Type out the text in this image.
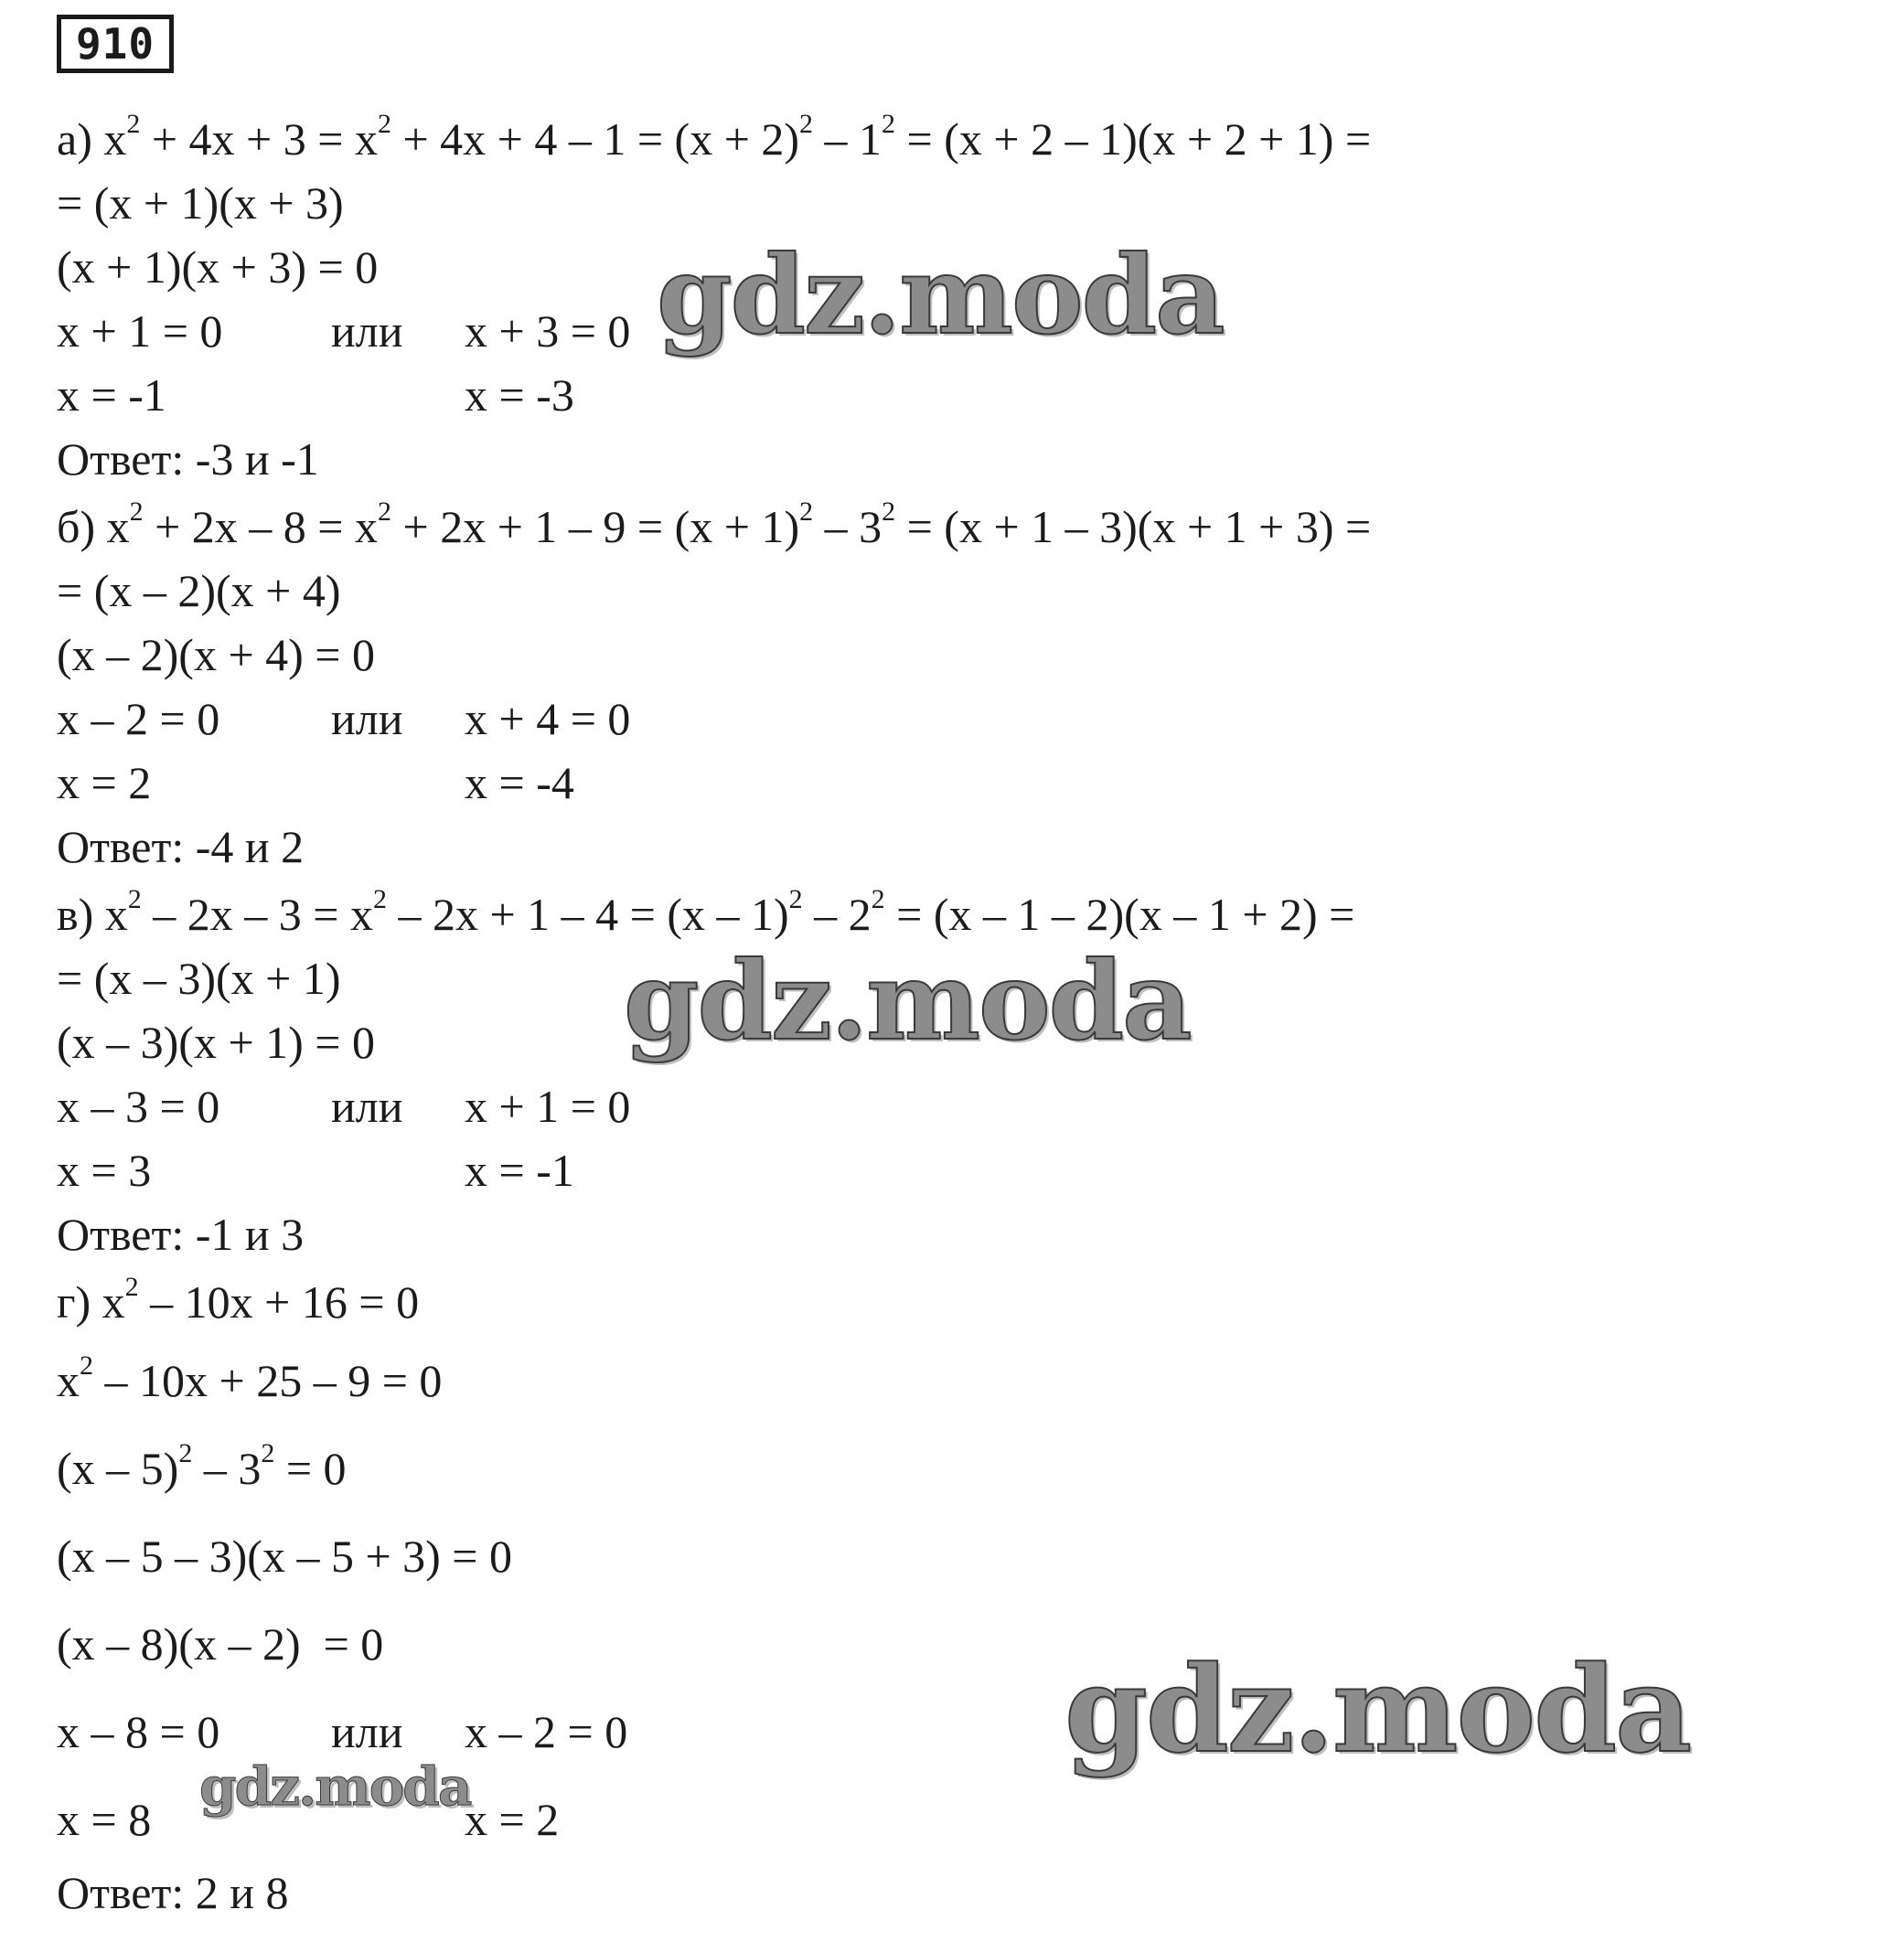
910
а) $x^2 + 4x + 3 = x^2 + 4x + 4 - 1 = (x + 2)^2 - 1^2 = (x + 2 - 1)(x + 2 + 1)$ =
= (x + 1)(x + 3)
(x + 1)(x + 3) = 0
x + 1 = 0 или x + 3 = 0
x = -1	x = -3
Ответ: -3 и -1
б) $x^2 + 2x - 8 = x^2 + 2x + 1 - 9 = (x + 1)^2 - 3^2 = (x + 1 - 3)(x + 1 + 3)$ =
= (x – 2)(x + 4)
(x – 2)(x + 4) = 0
x – 2 = 0 или x + 4 = 0
x = 2	x = -4
Ответ: -4 и 2
в) $x^2 - 2x - 3 = x^2 - 2x + 1 - 4 = (x - 1)^2 - 2^2 = (x - 1 - 2)(x - 1 + 2)$ =
= (x – 3)(x + 1)
(x – 3)(x + 1) = 0
x – 3 = 0 или x + 1 = 0
x = 3	x = -1
Ответ: -1 и 3
г) $x^2 - 10x + 16 = 0$
$x^2 - 10x + 25 - 9 = 0$
$(x - 5)^2 - 3^2 = 0$
(x – 5 – 3)(x – 5 + 3) = 0
(x – 8)(x – 2)  = 0
x – 8 = 0 или x – 2 = 0
x = 8	x = 2
Ответ: 2 и 8
gdz.moda
gdz.moda
gdz.moda
gdz.moda
